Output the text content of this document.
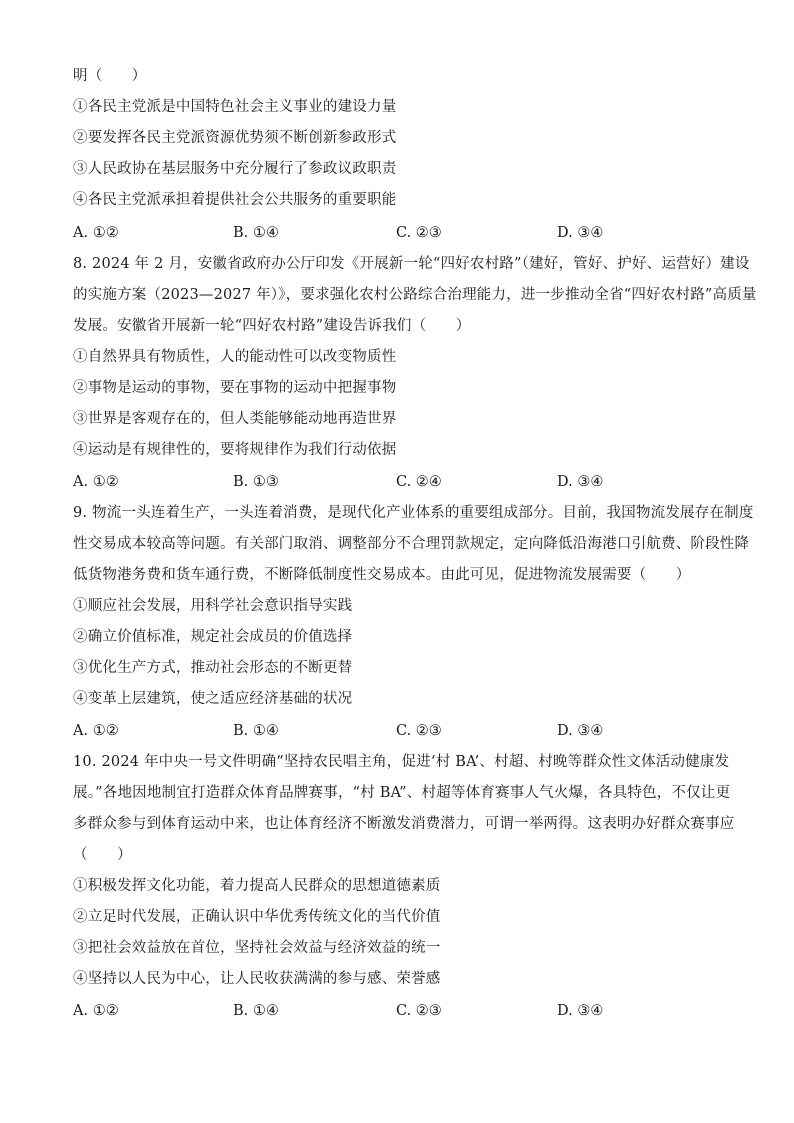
明（　　）
①各民主党派是中国特色社会主义事业的建设力量
②要发挥各民主党派资源优势须不断创新参政形式
③人民政协在基层服务中充分履行了参政议政职责
④各民主党派承担着提供社会公共服务的重要职能
A. ①②	B. ①④	C. ②③	D. ③④
8. 2024 年 2 月，安徽省政府办公厅印发《开展新一轮“四好农村路”（建好，管好、护好、运营好）建设
的实施方案（2023—2027 年）》，要求强化农村公路综合治理能力，进一步推动全省“四好农村路”高质量
发展。安徽省开展新一轮“四好农村路”建设告诉我们（　　）
①自然界具有物质性，人的能动性可以改变物质性
②事物是运动的事物，要在事物的运动中把握事物
③世界是客观存在的，但人类能够能动地再造世界
④运动是有规律性的，要将规律作为我们行动依据
A. ①②	B. ①③	C. ②④	D. ③④
9. 物流一头连着生产，一头连着消费，是现代化产业体系的重要组成部分。目前，我国物流发展存在制度
性交易成本较高等问题。有关部门取消、调整部分不合理罚款规定，定向降低沿海港口引航费、阶段性降
低货物港务费和货车通行费，不断降低制度性交易成本。由此可见，促进物流发展需要（　　）
①顺应社会发展，用科学社会意识指导实践
②确立价值标准，规定社会成员的价值选择
③优化生产方式，推动社会形态的不断更替
④变革上层建筑，使之适应经济基础的状况
A. ①②	B. ①④	C. ②③	D. ③④
10. 2024 年中央一号文件明确“坚持农民唱主角，促进‘村 BA’、村超、村晚等群众性文体活动健康发
展。”各地因地制宜打造群众体育品牌赛事，“村 BA”、村超等体育赛事人气火爆，各具特色，不仅让更
多群众参与到体育运动中来，也让体育经济不断激发消费潜力，可谓一举两得。这表明办好群众赛事应
（　　）
①积极发挥文化功能，着力提高人民群众的思想道德素质
②立足时代发展，正确认识中华优秀传统文化的当代价值
③把社会效益放在首位，坚持社会效益与经济效益的统一
④坚持以人民为中心，让人民收获满满的参与感、荣誉感
A. ①②	B. ①④	C. ②③	D. ③④
